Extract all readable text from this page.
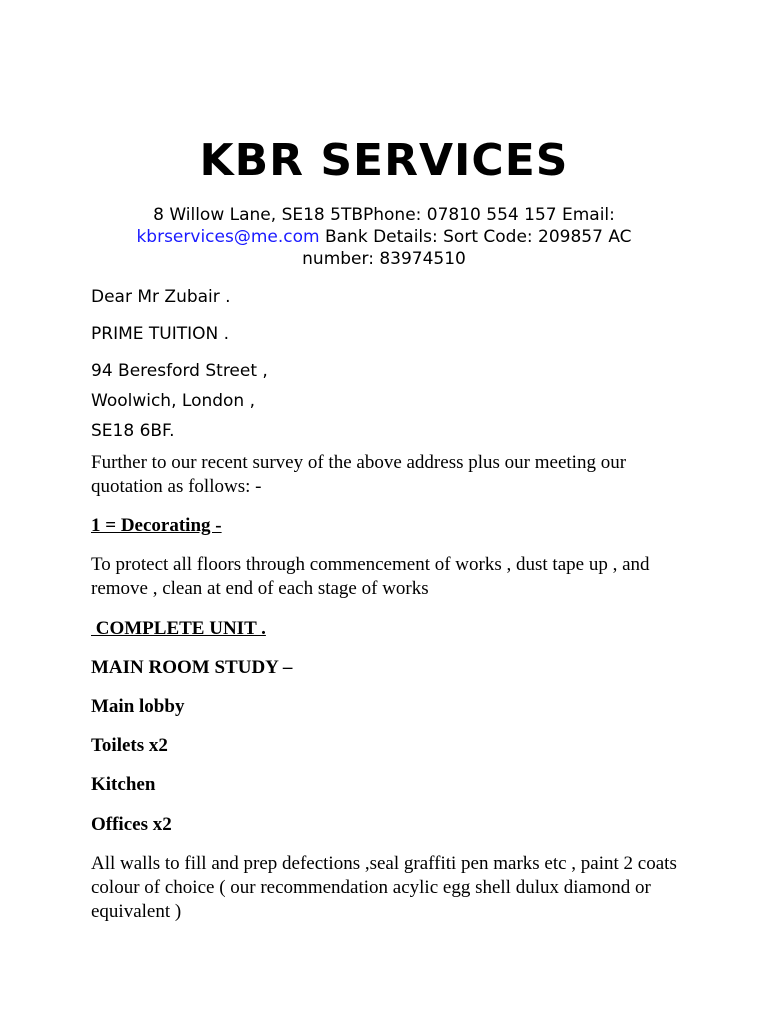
KBR SERVICES
8 Willow Lane, SE18 5TBPhone: 07810 554 157 Email:
kbrservices@me.com Bank Details: Sort Code: 209857 AC
number: 83974510
Dear Mr Zubair .
PRIME TUITION .
94 Beresford Street ,
Woolwich, London ,
SE18 6BF.
Further to our recent survey of the above address plus our meeting our quotation as follows: -
1 = Decorating -
To protect all floors through commencement of works , dust tape up , and remove , clean at end of each stage of works
COMPLETE UNIT .
MAIN ROOM STUDY –
Main lobby
Toilets x2
Kitchen
Offices x2
All walls to fill and prep defections ,seal graffiti pen marks etc , paint 2 coats colour of choice ( our recommendation acylic egg shell dulux diamond or equivalent )
